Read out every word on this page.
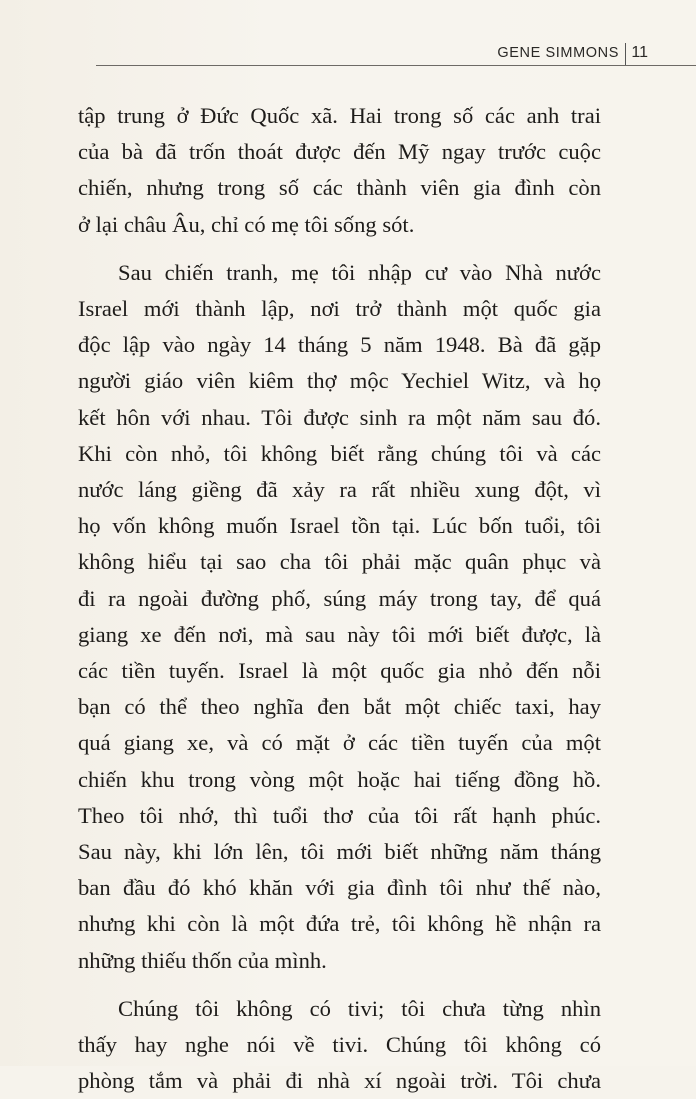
GENE SIMMONS 11

tập trung ở Đức Quốc xã. Hai trong số các anh trai
của bà đã trốn thoát được đến Mỹ ngay trước cuộc
chiến, nhưng trong số các thành viên gia đình còn
ở lại châu Âu, chỉ có mẹ tôi sống sót.

Sau chiến tranh, mẹ tôi nhập cư vào Nhà nước
Israel mới thành lập, nơi trở thành một quốc gia
độc lập vào ngày 14 tháng 5 năm 1948. Bà đã gặp
người giáo viên kiêm thợ mộc Yechiel Witz, và họ
kết hôn với nhau. Tôi được sinh ra một năm sau đó.
Khi còn nhỏ, tôi không biết rằng chúng tôi và các
nước láng giềng đã xảy ra rất nhiều xung đột, vì
họ vốn không muốn Israel tồn tại. Lúc bốn tuổi, tôi
không hiểu tại sao cha tôi phải mặc quân phục và
đi ra ngoài đường phố, súng máy trong tay, để quá
giang xe đến nơi, mà sau này tôi mới biết được, là
các tiền tuyến. Israel là một quốc gia nhỏ đến nỗi
bạn có thể theo nghĩa đen bắt một chiếc taxi, hay
quá giang xe, và có mặt ở các tiền tuyến của một
chiến khu trong vòng một hoặc hai tiếng đồng hồ.
Theo tôi nhớ, thì tuổi thơ của tôi rất hạnh phúc.
Sau này, khi lớn lên, tôi mới biết những năm tháng
ban đầu đó khó khăn với gia đình tôi như thế nào,
nhưng khi còn là một đứa trẻ, tôi không hề nhận ra
những thiếu thốn của mình.

Chúng tôi không có tivi; tôi chưa từng nhìn
thấy hay nghe nói về tivi. Chúng tôi không có
phòng tắm và phải đi nhà xí ngoài trời. Tôi chưa
